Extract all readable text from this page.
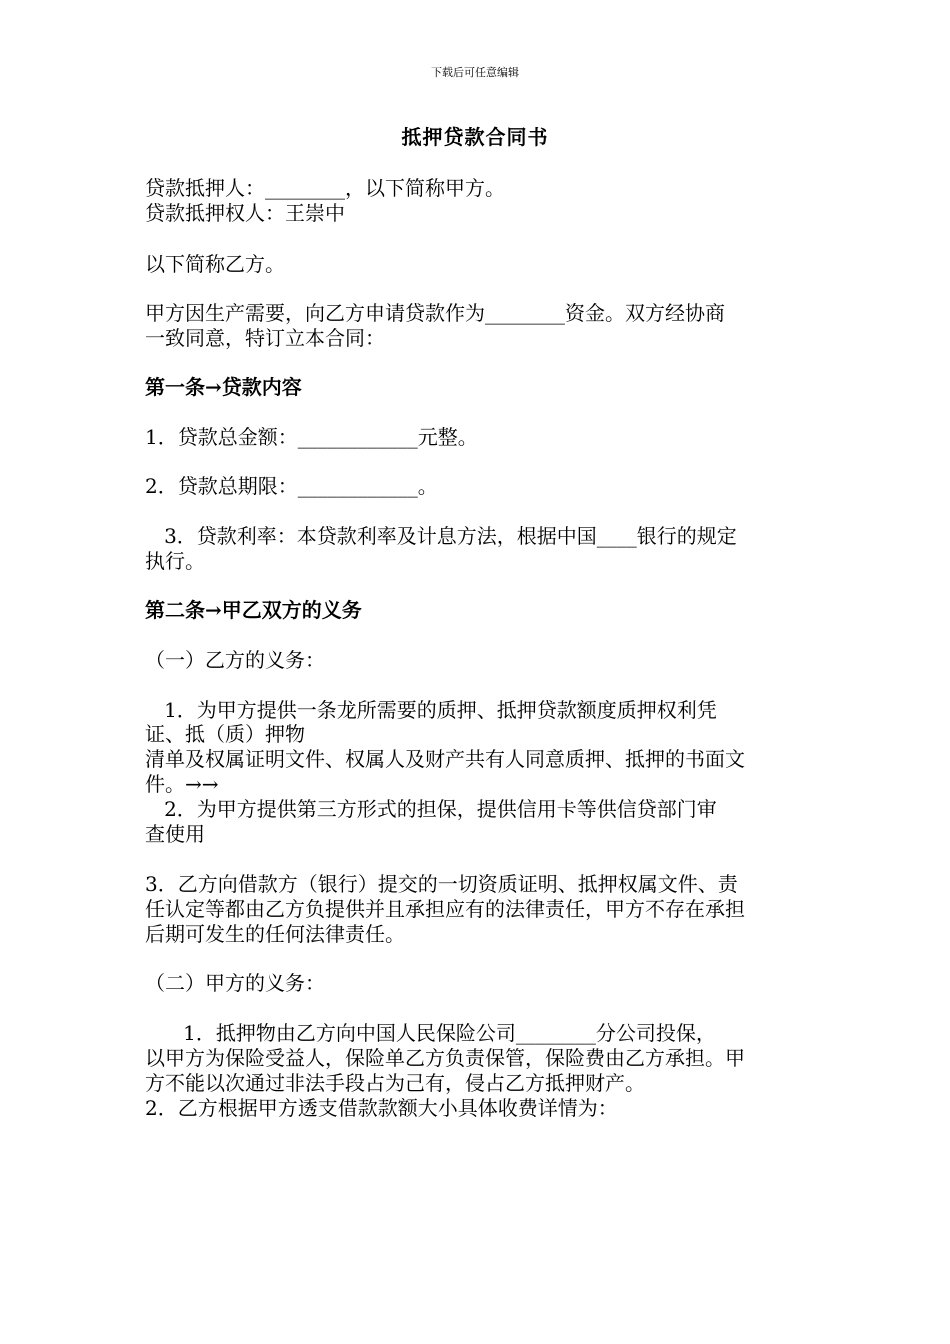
下载后可任意编辑
抵押贷款合同书

贷款抵押人：________，以下简称甲方。

贷款抵押权人：王崇中

以下简称乙方。

甲方因生产需要，向乙方申请贷款作为________资金。双方经协商

一致同意，特订立本合同：

第一条→贷款内容

1．贷款总金额：____________元整。

2．贷款总期限：____________。

3．贷款利率：本贷款利率及计息方法，根据中国____银行的规定

执行。

第二条→甲乙双方的义务

（一）乙方的义务：

1．为甲方提供一条龙所需要的质押、抵押贷款额度质押权利凭

证、抵（质）押物

清单及权属证明文件、权属人及财产共有人同意质押、抵押的书面文

件。→→

2．为甲方提供第三方形式的担保，提供信用卡等供信贷部门审

查使用

3．乙方向借款方（银行）提交的一切资质证明、抵押权属文件、责

任认定等都由乙方负提供并且承担应有的法律责任，甲方不存在承担

后期可发生的任何法律责任。

（二）甲方的义务：

1．抵押物由乙方向中国人民保险公司________分公司投保，

以甲方为保险受益人，保险单乙方负责保管，保险费由乙方承担。甲

方不能以次通过非法手段占为己有，侵占乙方抵押财产。

2．乙方根据甲方透支借款款额大小具体收费详情为：
